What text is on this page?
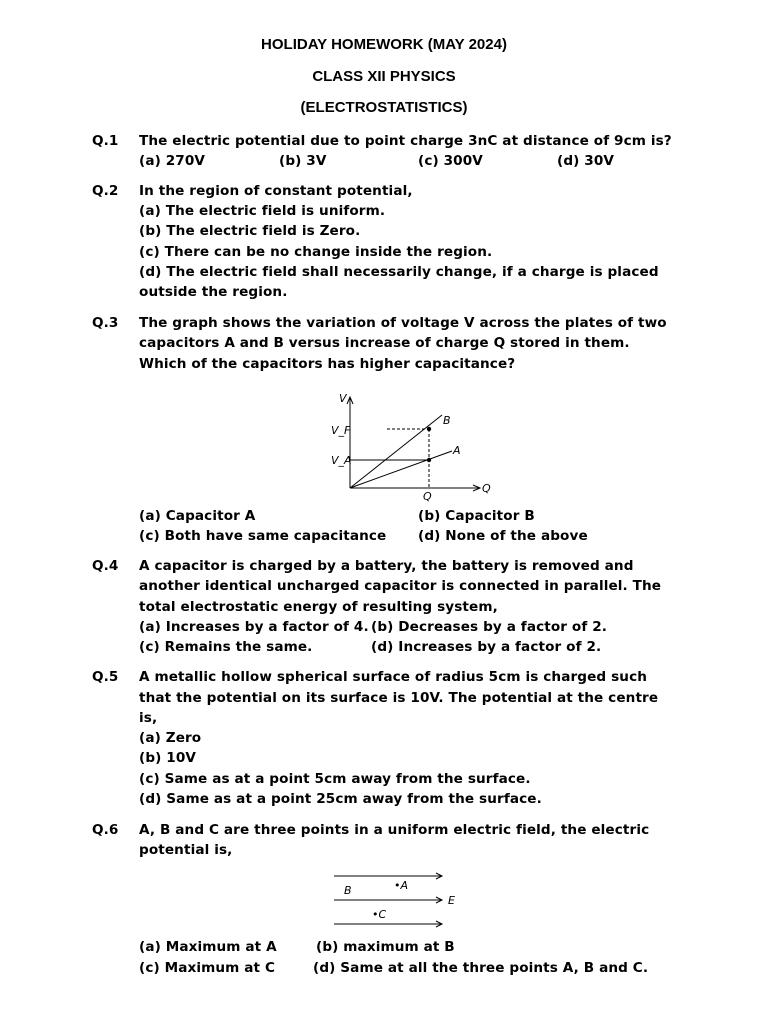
HOLIDAY HOMEWORK (MAY 2024)
CLASS XII PHYSICS
(ELECTROSTATISTICS)
Q.1 The electric potential due to point charge 3nC at distance of 9cm is?
(a) 270V	(b) 3V	(c) 300V	(d) 30V
Q.2 In the region of constant potential,
(a) The electric field is uniform.
(b) The electric field is Zero.
(c) There can be no change inside the region.
(d) The electric field shall necessarily change, if a charge is placed
outside the region.
Q.3 The graph shows the variation of voltage V across the plates of two
capacitors A and B versus increase of charge Q stored in them.
Which of the capacitors has higher capacitance?
V
V_F
V_A
Q
Q
B
A
(a) Capacitor A	(b) Capacitor B
(c) Both have same capacitance (d) None of the above
Q.4 A capacitor is charged by a battery, the battery is removed and
another identical uncharged capacitor is connected in parallel. The
total electrostatic energy of resulting system,
(a) Increases by a factor of 4. (b) Decreases by a factor of 2.
(c) Remains the same.	(d) Increases by a factor of 2.
Q.5 A metallic hollow spherical surface of radius 5cm is charged such
that the potential on its surface is 10V. The potential at the centre
is,
(a) Zero
(b) 10V
(c) Same as at a point 5cm away from the surface.
(d) Same as at a point 25cm away from the surface.
Q.6 A, B and C are three points in a uniform electric field, the electric
potential is,
•A
B
•C
E
(a) Maximum at A	(b) maximum at B
(c) Maximum at C	(d) Same at all the three points A, B and C.
